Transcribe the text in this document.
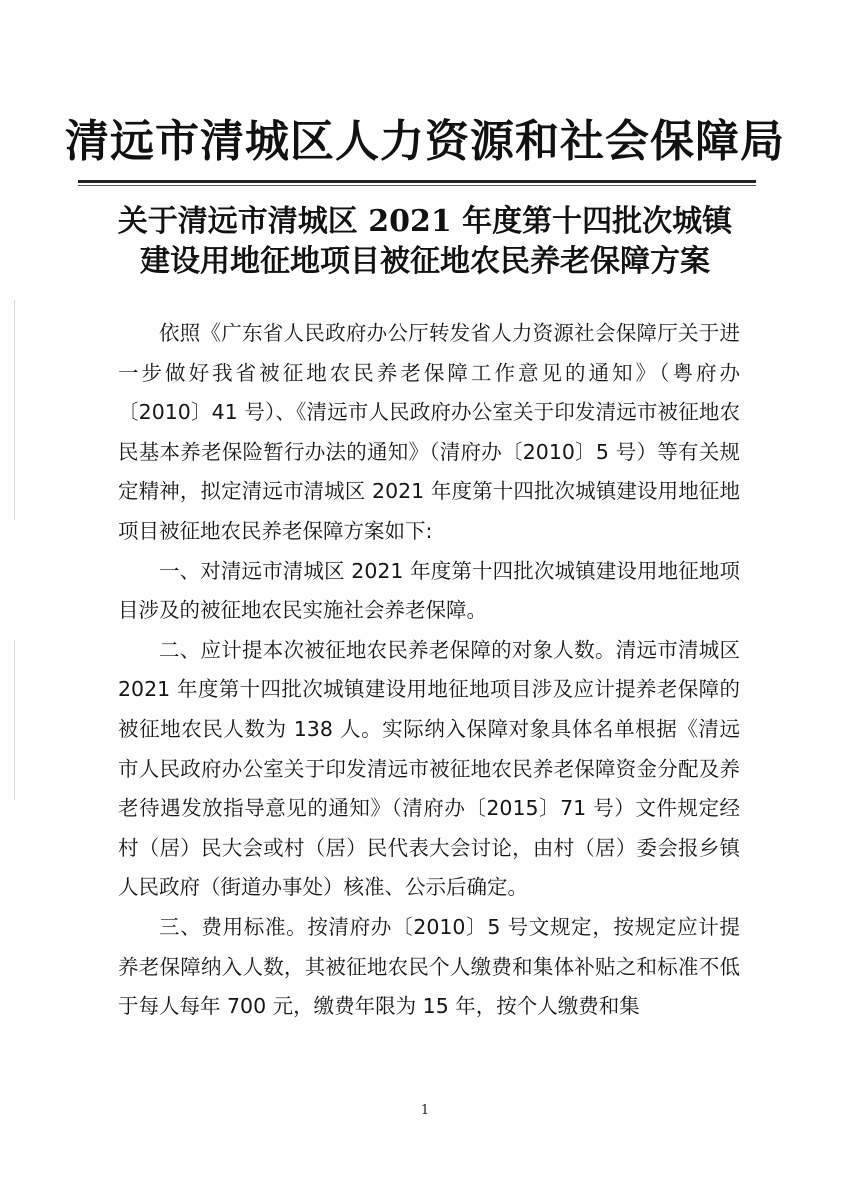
清远市清城区人力资源和社会保障局
关于清远市清城区 2021 年度第十四批次城镇
建设用地征地项目被征地农民养老保障方案

依照《广东省人民政府办公厅转发省人力资源社会保障厅关于进一步做好我省被征地农民养老保障工作意见的通知》（粤府办〔2010〕41 号）、《清远市人民政府办公室关于印发清远市被征地农民基本养老保险暂行办法的通知》（清府办〔2010〕5 号）等有关规定精神，拟定清远市清城区 2021 年度第十四批次城镇建设用地征地项目被征地农民养老保障方案如下:

一、对清远市清城区 2021 年度第十四批次城镇建设用地征地项目涉及的被征地农民实施社会养老保障。

二、应计提本次被征地农民养老保障的对象人数。清远市清城区 2021 年度第十四批次城镇建设用地征地项目涉及应计提养老保障的被征地农民人数为 138 人。实际纳入保障对象具体名单根据《清远市人民政府办公室关于印发清远市被征地农民养老保障资金分配及养老待遇发放指导意见的通知》（清府办〔2015〕71 号）文件规定经村（居）民大会或村（居）民代表大会讨论，由村（居）委会报乡镇人民政府（街道办事处）核准、公示后确定。

三、费用标准。按清府办〔2010〕5 号文规定，按规定应计提养老保障纳入人数，其被征地农民个人缴费和集体补贴之和标准不低于每人每年 700 元，缴费年限为 15 年，按个人缴费和集

1
